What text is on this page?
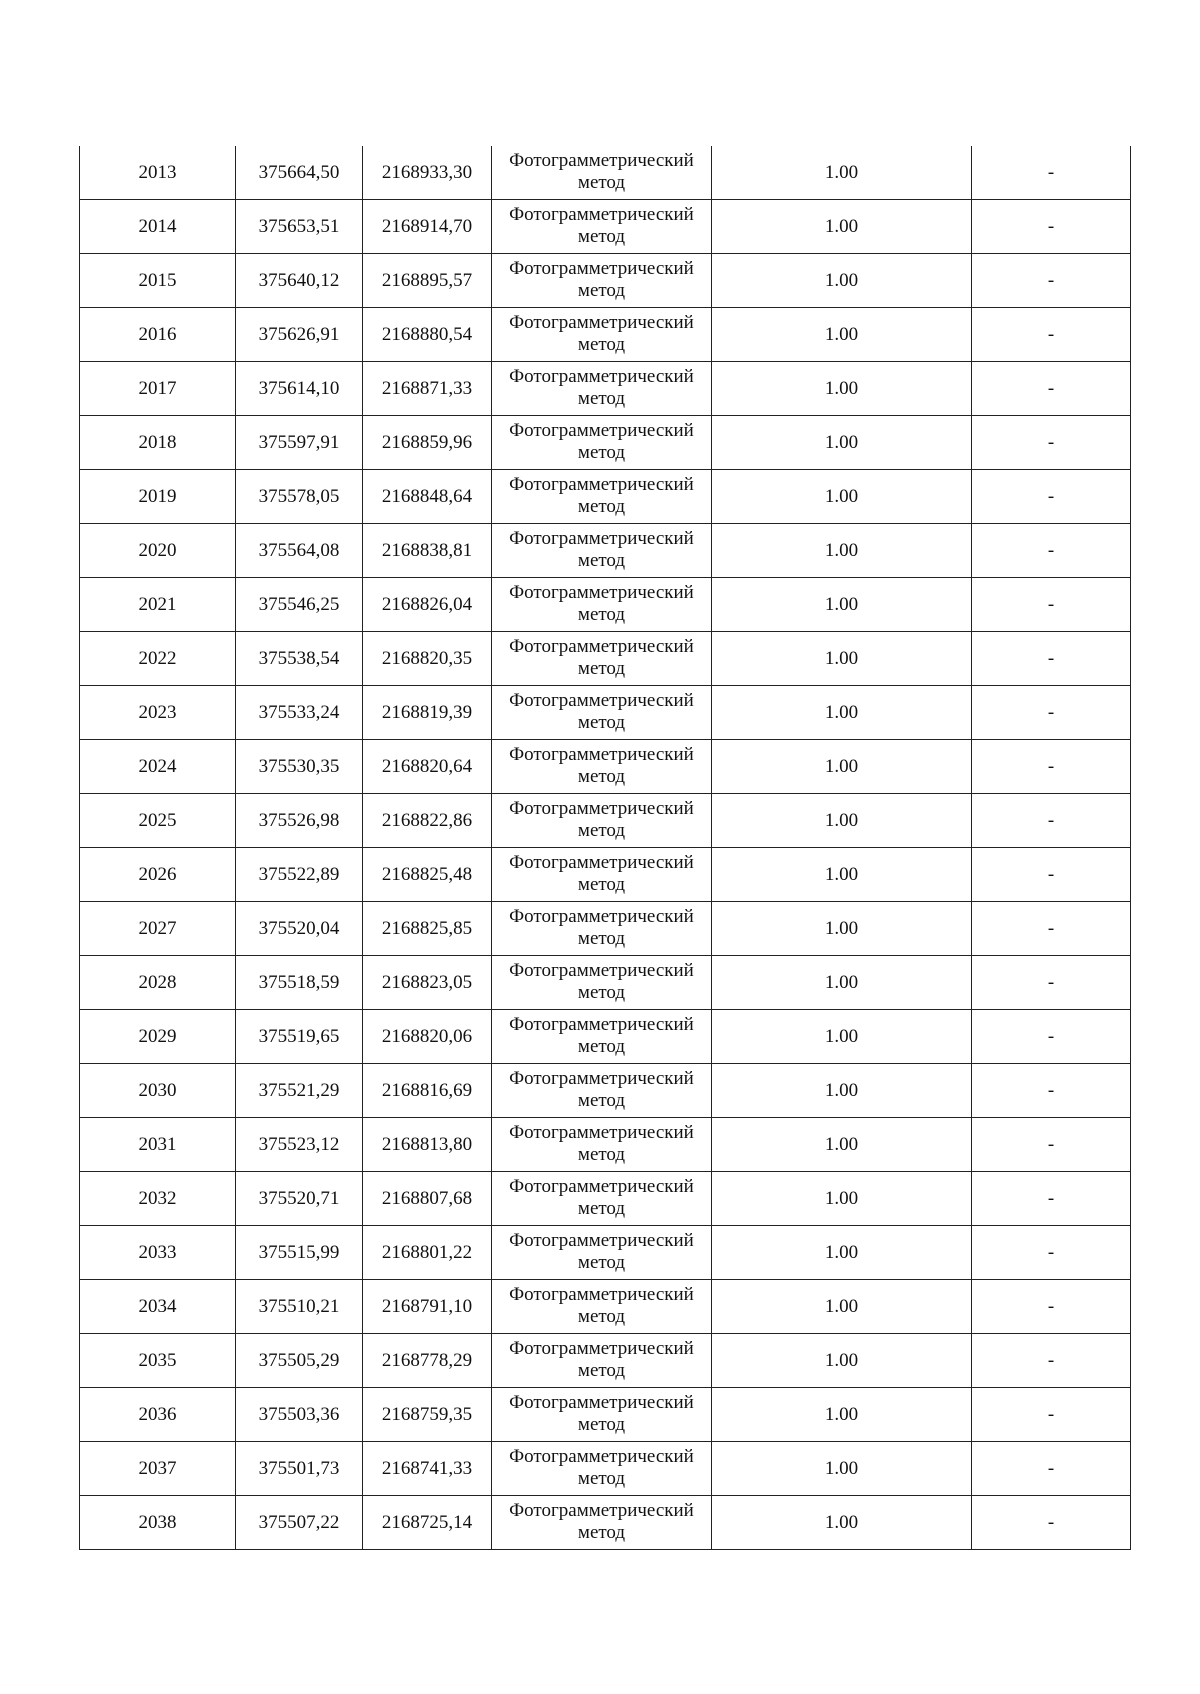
2013	375664,50	2168933,30	Фотограмметрический метод	1.00	-
2014	375653,51	2168914,70	Фотограмметрический метод	1.00	-
2015	375640,12	2168895,57	Фотограмметрический метод	1.00	-
2016	375626,91	2168880,54	Фотограмметрический метод	1.00	-
2017	375614,10	2168871,33	Фотограмметрический метод	1.00	-
2018	375597,91	2168859,96	Фотограмметрический метод	1.00	-
2019	375578,05	2168848,64	Фотограмметрический метод	1.00	-
2020	375564,08	2168838,81	Фотограмметрический метод	1.00	-
2021	375546,25	2168826,04	Фотограмметрический метод	1.00	-
2022	375538,54	2168820,35	Фотограмметрический метод	1.00	-
2023	375533,24	2168819,39	Фотограмметрический метод	1.00	-
2024	375530,35	2168820,64	Фотограмметрический метод	1.00	-
2025	375526,98	2168822,86	Фотограмметрический метод	1.00	-
2026	375522,89	2168825,48	Фотограмметрический метод	1.00	-
2027	375520,04	2168825,85	Фотограмметрический метод	1.00	-
2028	375518,59	2168823,05	Фотограмметрический метод	1.00	-
2029	375519,65	2168820,06	Фотограмметрический метод	1.00	-
2030	375521,29	2168816,69	Фотограмметрический метод	1.00	-
2031	375523,12	2168813,80	Фотограмметрический метод	1.00	-
2032	375520,71	2168807,68	Фотограмметрический метод	1.00	-
2033	375515,99	2168801,22	Фотограмметрический метод	1.00	-
2034	375510,21	2168791,10	Фотограмметрический метод	1.00	-
2035	375505,29	2168778,29	Фотограмметрический метод	1.00	-
2036	375503,36	2168759,35	Фотограмметрический метод	1.00	-
2037	375501,73	2168741,33	Фотограмметрический метод	1.00	-
2038	375507,22	2168725,14	Фотограмметрический метод	1.00	-
